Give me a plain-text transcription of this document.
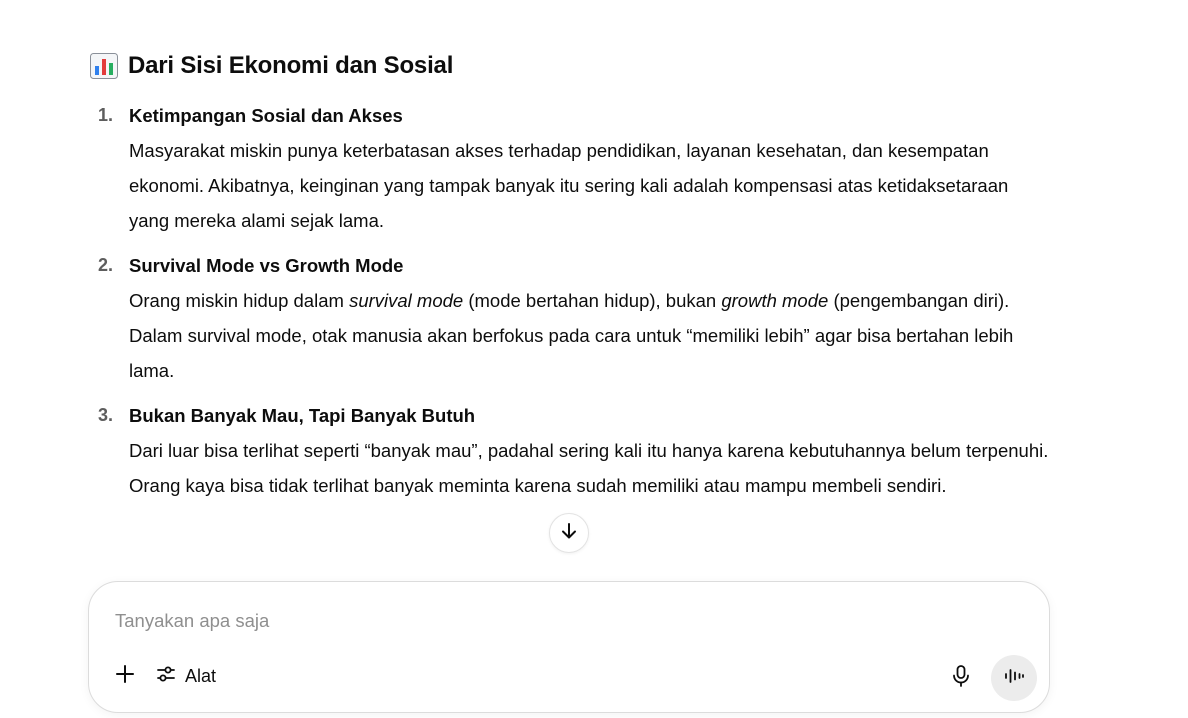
Dari Sisi Ekonomi dan Sosial
1. Ketimpangan Sosial dan Akses
Masyarakat miskin punya keterbatasan akses terhadap pendidikan, layanan kesehatan, dan kesempatan ekonomi. Akibatnya, keinginan yang tampak banyak itu sering kali adalah kompensasi atas ketidaksetaraan yang mereka alami sejak lama.
2. Survival Mode vs Growth Mode
Orang miskin hidup dalam survival mode (mode bertahan hidup), bukan growth mode (pengembangan diri). Dalam survival mode, otak manusia akan berfokus pada cara untuk “memiliki lebih” agar bisa bertahan lebih lama.
3. Bukan Banyak Mau, Tapi Banyak Butuh
Dari luar bisa terlihat seperti “banyak mau”, padahal sering kali itu hanya karena kebutuhannya belum terpenuhi. Orang kaya bisa tidak terlihat banyak meminta karena sudah memiliki atau mampu membeli sendiri.
Tanyakan apa saja
Alat
